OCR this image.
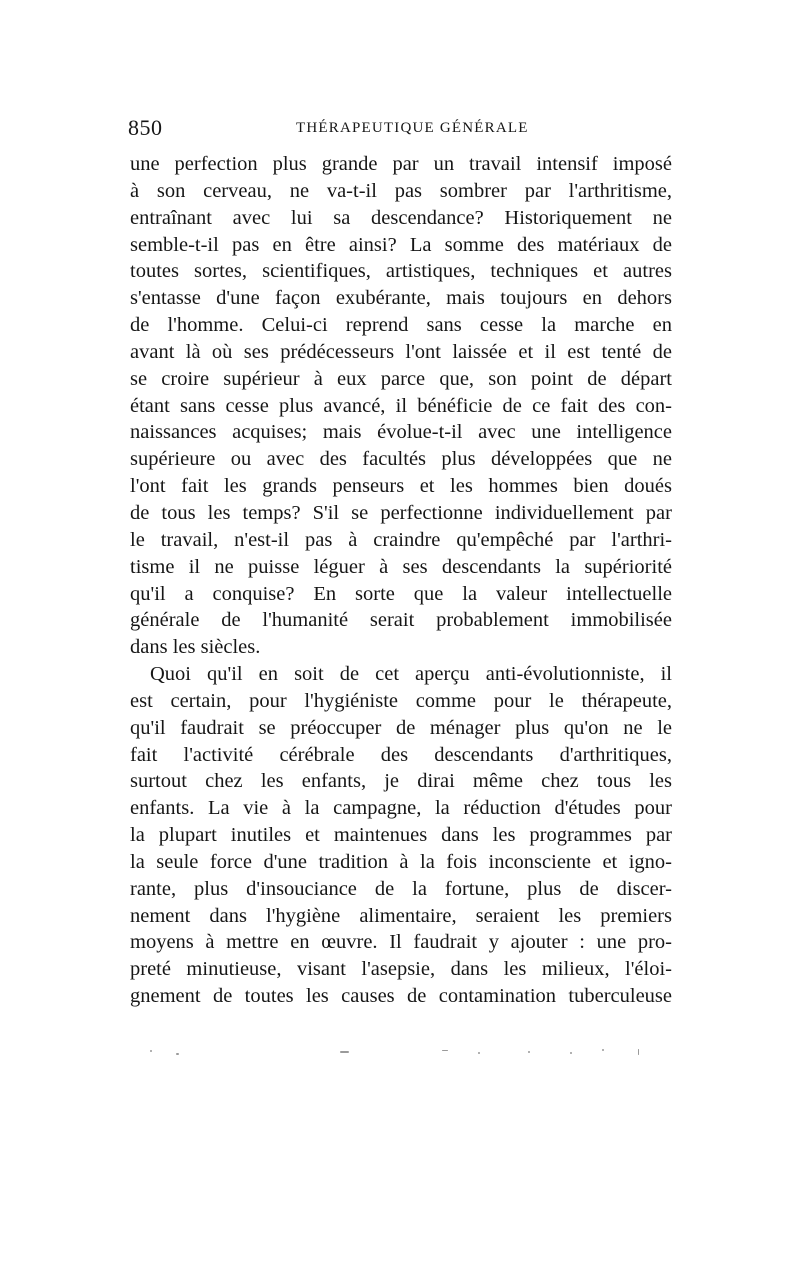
850	THÉRAPEUTIQUE GÉNÉRALE
une perfection plus grande par un travail intensif imposé
à son cerveau, ne va-t-il pas sombrer par l'arthritisme,
entraînant avec lui sa descendance? Historiquement ne
semble-t-il pas en être ainsi? La somme des matériaux de
toutes sortes, scientifiques, artistiques, techniques et autres
s'entasse d'une façon exubérante, mais toujours en dehors
de l'homme. Celui-ci reprend sans cesse la marche en
avant là où ses prédécesseurs l'ont laissée et il est tenté de
se croire supérieur à eux parce que, son point de départ
étant sans cesse plus avancé, il bénéficie de ce fait des con-
naissances acquises; mais évolue-t-il avec une intelligence
supérieure ou avec des facultés plus développées que ne
l'ont fait les grands penseurs et les hommes bien doués
de tous les temps? S'il se perfectionne individuellement par
le travail, n'est-il pas à craindre qu'empêché par l'arthri-
tisme il ne puisse léguer à ses descendants la supériorité
qu'il a conquise? En sorte que la valeur intellectuelle
générale de l'humanité serait probablement immobilisée
dans les siècles.
Quoi qu'il en soit de cet aperçu anti-évolutionniste, il
est certain, pour l'hygiéniste comme pour le thérapeute,
qu'il faudrait se préoccuper de ménager plus qu'on ne le
fait l'activité cérébrale des descendants d'arthritiques,
surtout chez les enfants, je dirai même chez tous les
enfants. La vie à la campagne, la réduction d'études pour
la plupart inutiles et maintenues dans les programmes par
la seule force d'une tradition à la fois inconsciente et igno-
rante, plus d'insouciance de la fortune, plus de discer-
nement dans l'hygiène alimentaire, seraient les premiers
moyens à mettre en œuvre. Il faudrait y ajouter : une pro-
preté minutieuse, visant l'asepsie, dans les milieux, l'éloi-
gnement de toutes les causes de contamination tuberculeuse
